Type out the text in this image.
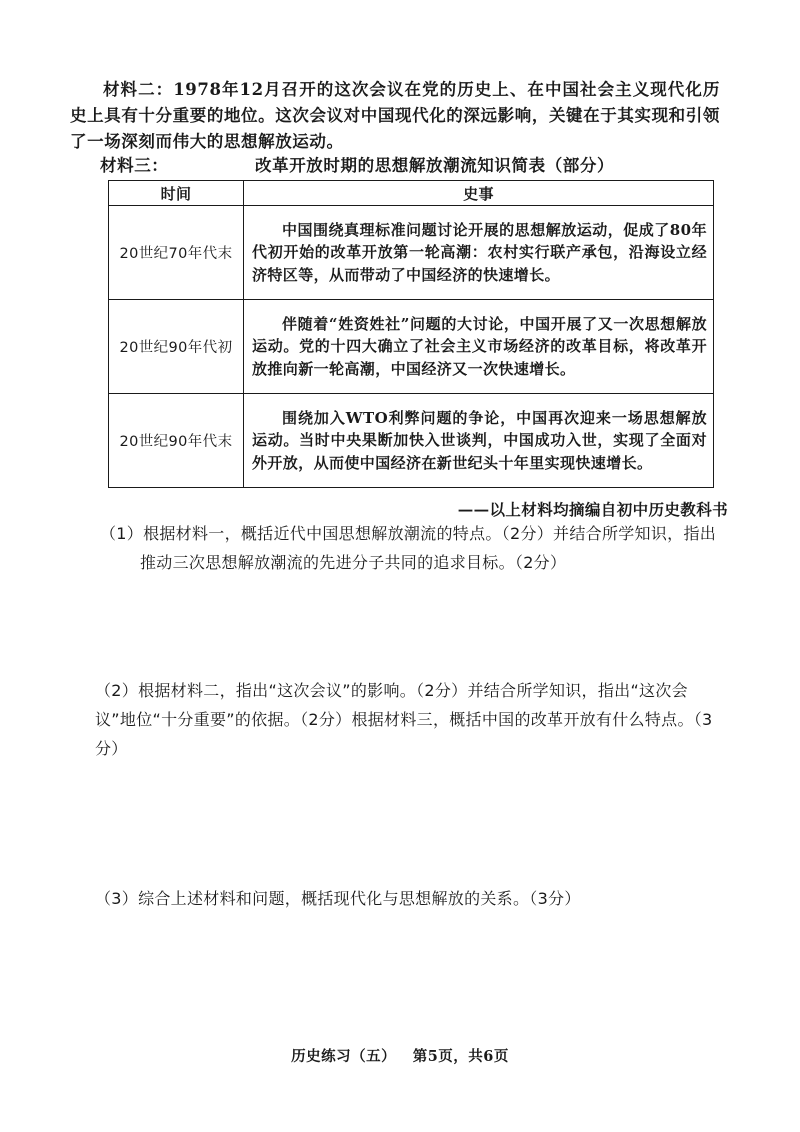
材料二：1978年12月召开的这次会议在党的历史上、在中国社会主义现代化历史上具有十分重要的地位。这次会议对中国现代化的深远影响，关键在于其实现和引领了一场深刻而伟大的思想解放运动。

材料三：	改革开放时期的思想解放潮流知识简表（部分）
时间	史事
20世纪70年代末	中国围绕真理标准问题讨论开展的思想解放运动，促成了80年代初开始的改革开放第一轮高潮：农村实行联产承包，沿海设立经济特区等，从而带动了中国经济的快速增长。
20世纪90年代初	伴随着“姓资姓社”问题的大讨论，中国开展了又一次思想解放运动。党的十四大确立了社会主义市场经济的改革目标，将改革开放推向新一轮高潮，中国经济又一次快速增长。
20世纪90年代末	围绕加入WTO利弊问题的争论，中国再次迎来一场思想解放运动。当时中央果断加快入世谈判，中国成功入世，实现了全面对外开放，从而使中国经济在新世纪头十年里实现快速增长。
——以上材料均摘编自初中历史教科书

（1）根据材料一，概括近代中国思想解放潮流的特点。（2分）并结合所学知识，指出推动三次思想解放潮流的先进分子共同的追求目标。（2分）

（2）根据材料二，指出“这次会议”的影响。（2分）并结合所学知识，指出“这次会议”地位“十分重要”的依据。（2分）根据材料三，概括中国的改革开放有什么特点。（3分）

（3）综合上述材料和问题，概括现代化与思想解放的关系。（3分）

历史练习（五）   第5页，共6页
